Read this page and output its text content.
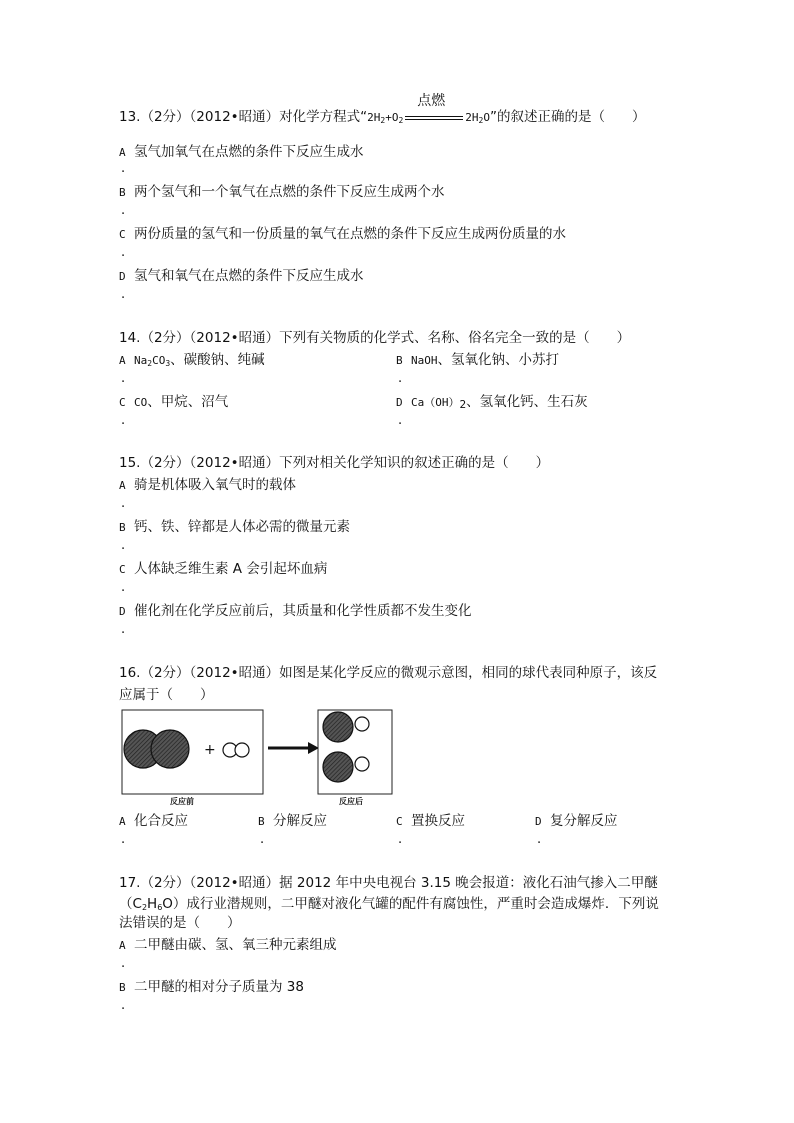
13.（2分）（2012•昭通）对化学方程式“$2H_2+O_2$
点燃
$2H_2O$”的叙述正确的是（　　）
A 氢气加氧气在点燃的条件下反应生成水
.
B 两个氢气和一个氧气在点燃的条件下反应生成两个水
.
C 两份质量的氢气和一份质量的氧气在点燃的条件下反应生成两份质量的水
.
D 氢气和氧气在点燃的条件下反应生成水
.
14.（2分）（2012•昭通）下列有关物质的化学式、名称、俗名完全一致的是（　　）
A $Na_2CO_3$、碳酸钠、纯碱
.
B NaOH、氢氧化钠、小苏打
.
C CO、甲烷、沼气
.
D $Ca(OH)_2$、氢氧化钙、生石灰
.
15.（2分）（2012•昭通）下列对相关化学知识的叙述正确的是（　　）
A 骑是机体吸入氧气时的载体
.
B 钙、铁、锌都是人体必需的微量元素
.
C 人体缺乏维生素 A 会引起坏血病
.
D 催化剂在化学反应前后，其质量和化学性质都不发生变化
.
16.（2分）（2012•昭通）如图是某化学反应的微观示意图，相同的球代表同种原子，该反
应属于（　　）
+
反应前	反应后
A 化合反应
.
B 分解反应
.
C 置换反应
.
D 复分解反应
.
17.（2分）（2012•昭通）据 2012 年中央电视台 3.15 晚会报道：液化石油气掺入二甲醚
$(C_2H_6O)$成行业潜规则，二甲醚对液化气罐的配件有腐蚀性，严重时会造成爆炸．下列说
法错误的是（　　）
A 二甲醚由碳、氢、氧三种元素组成
.
B 二甲醚的相对分子质量为 38
.
